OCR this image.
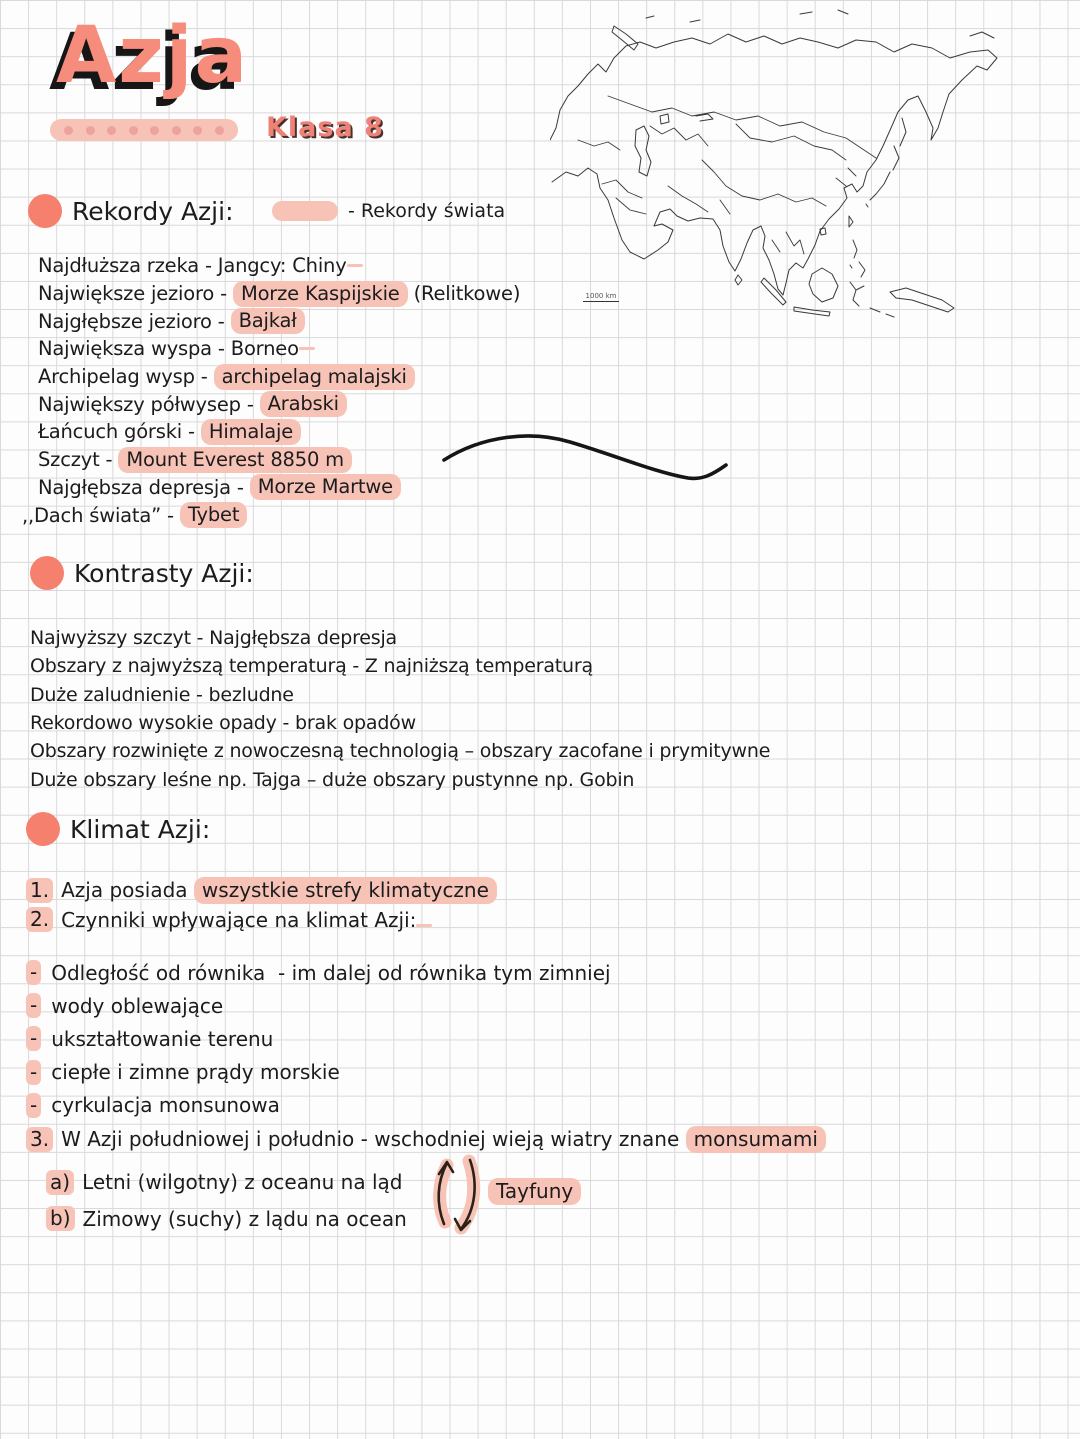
Azja
Klasa 8
1000 km
Rekordy Azji:	- Rekordy świata
Najdłuższa rzeka - Jangcy: Chiny
Największe jezioro - Morze Kaspijskie (Relitkowe)
Najgłębsze jezioro - Bajkał
Największa wyspa - Borneo
Archipelag wysp - archipelag malajski
Największy półwysep - Arabski
Łańcuch górski - Himalaje
Szczyt - Mount Everest 8850 m
Najgłębsza depresja - Morze Martwe
,,Dach świata” - Tybet
Kontrasty Azji:
Najwyższy szczyt - Najgłębsza depresja
Obszary z najwyższą temperaturą - Z najniższą temperaturą
Duże zaludnienie - bezludne
Rekordowo wysokie opady - brak opadów
Obszary rozwinięte z nowoczesną technologią – obszary zacofane i prymitywne
Duże obszary leśne np. Tajga – duże obszary pustynne np. Gobin
Klimat Azji:
1. Azja posiada wszystkie strefy klimatyczne
2. Czynniki wpływające na klimat Azji:
- Odległość od równika  - im dalej od równika tym zimniej
- wody oblewające
- ukształtowanie terenu
- ciepłe i zimne prądy morskie
- cyrkulacja monsunowa
3. W Azji południowej i południo - wschodniej wieją wiatry znane monsumami
a) Letni (wilgotny) z oceanu na ląd
b) Zimowy (suchy) z lądu na ocean
Tayfuny
